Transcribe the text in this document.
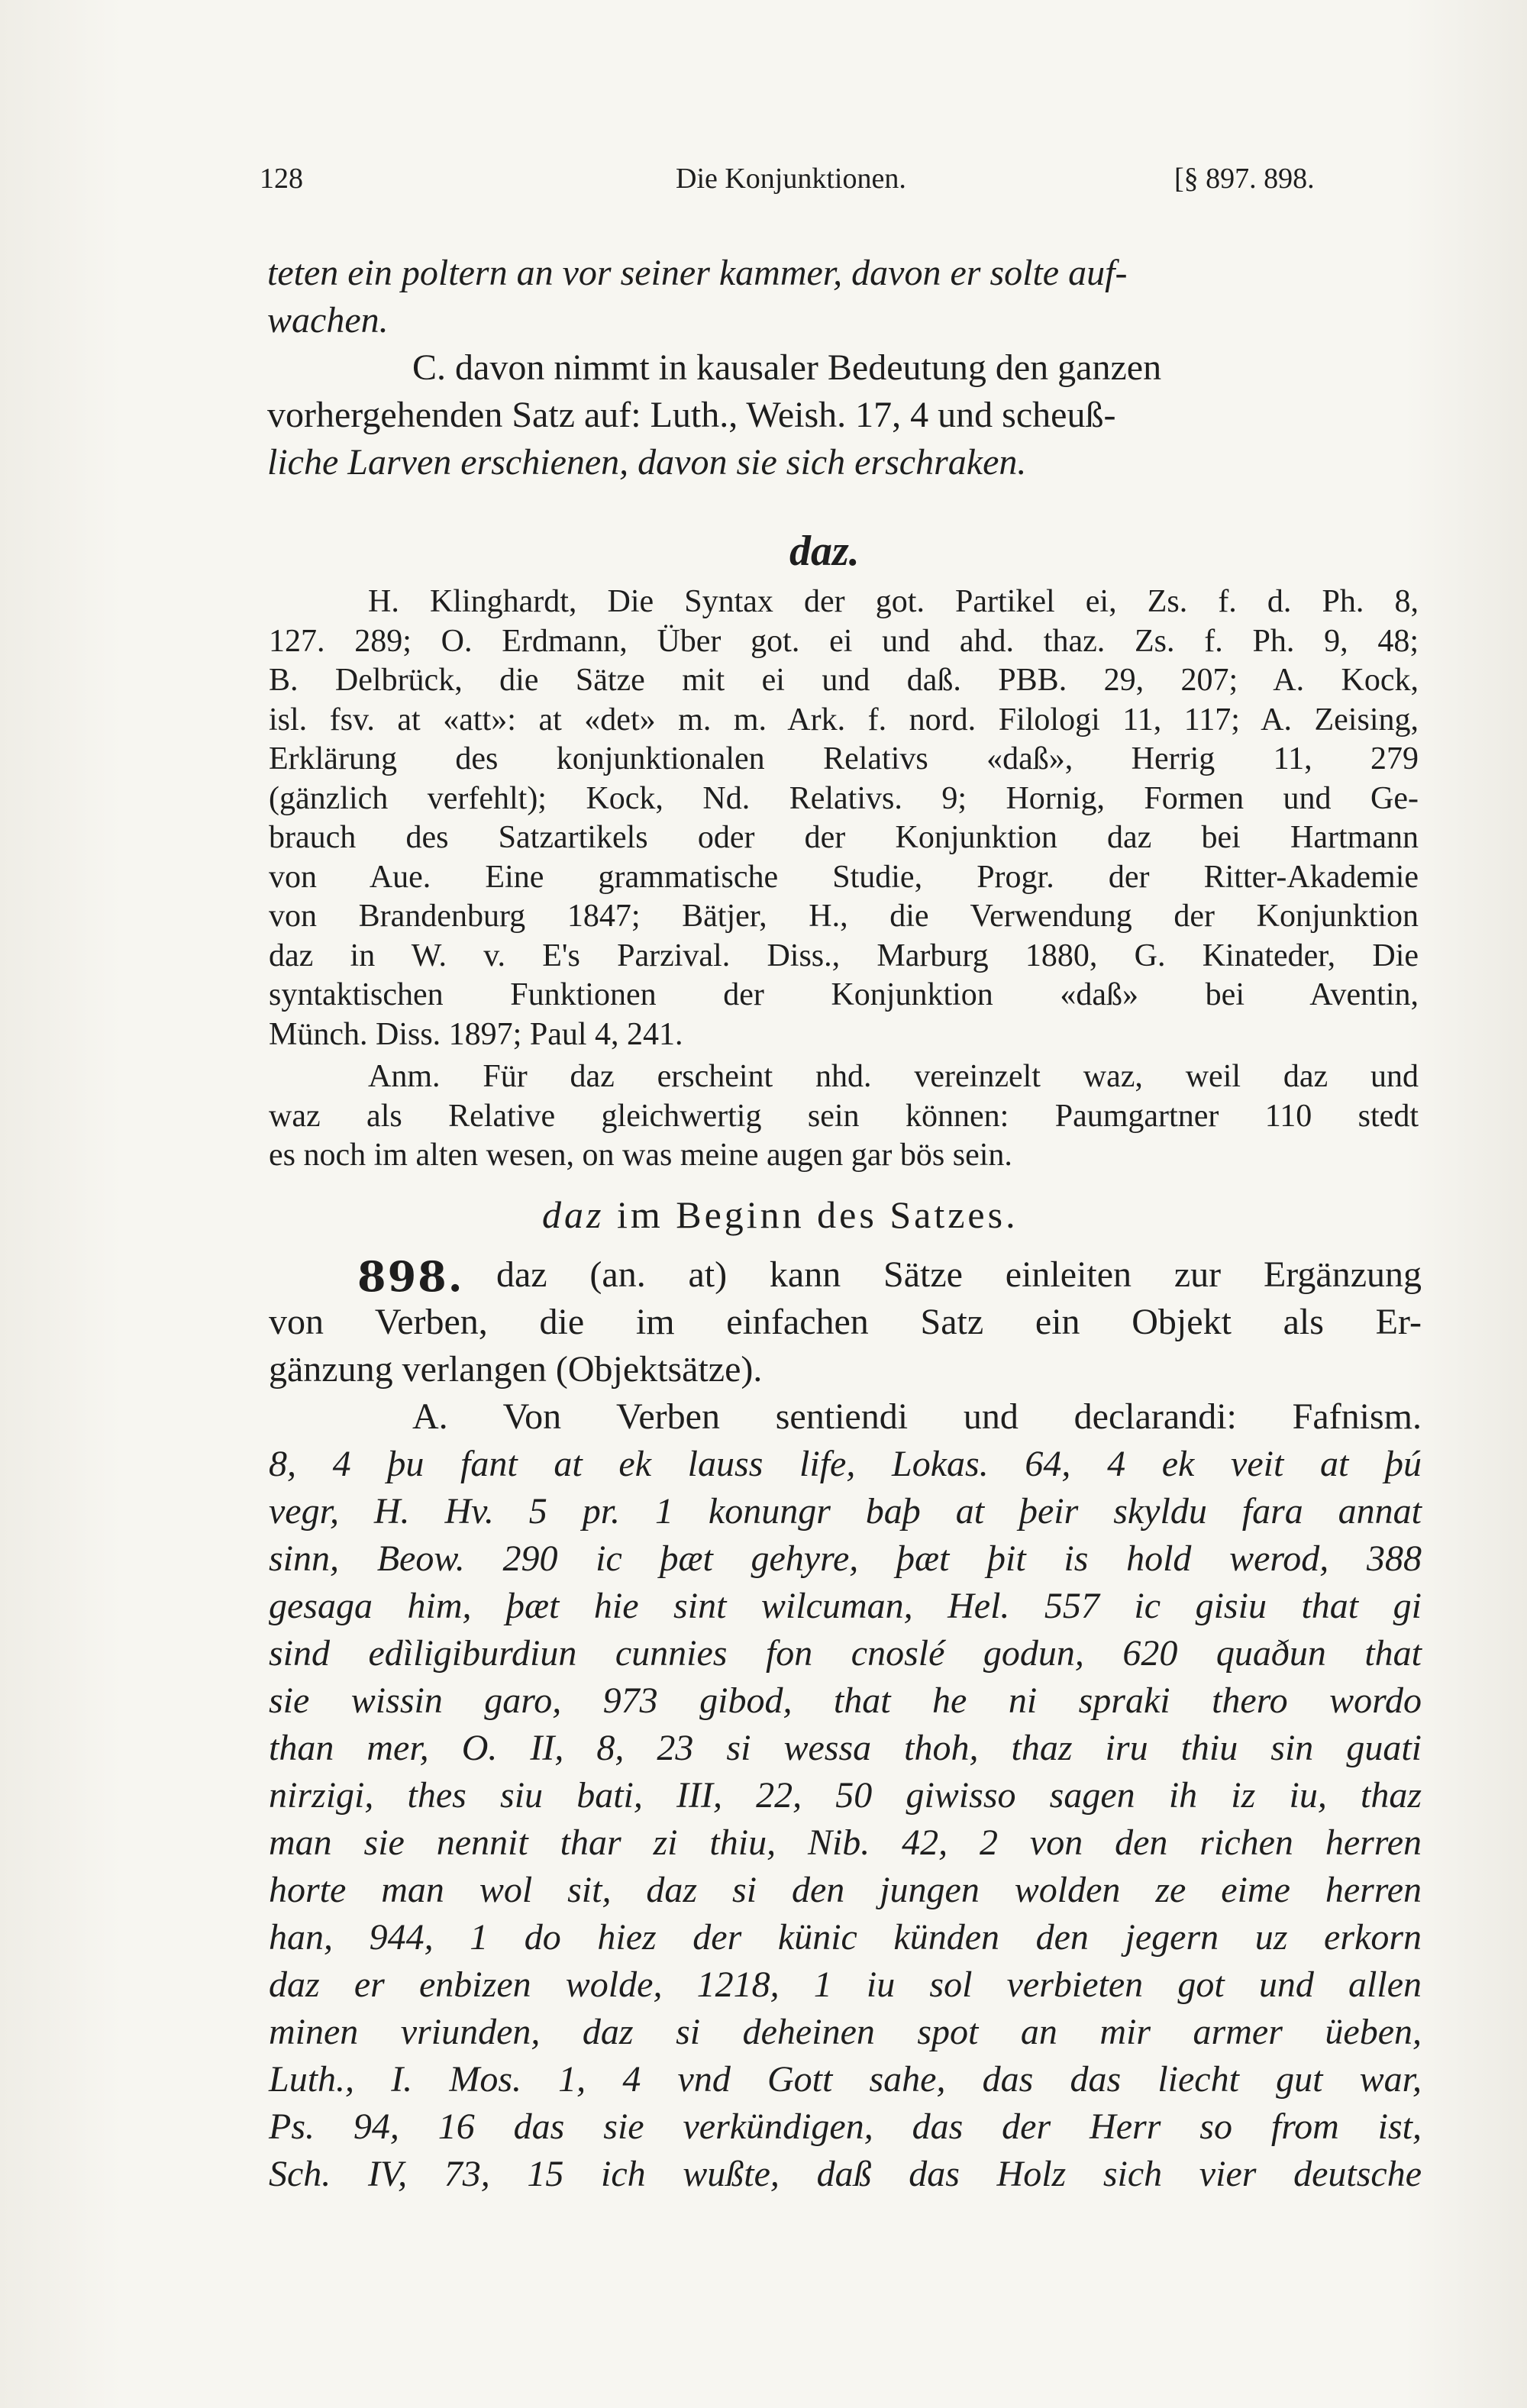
128	Die Konjunktionen.	[§ 897. 898.
teten ein poltern an vor seiner kammer, davon er solte auf-
wachen.
C. davon nimmt in kausaler Bedeutung den ganzen
vorhergehenden Satz auf: Luth., Weish. 17, 4 und scheuß-
liche Larven erschienen, davon sie sich erschraken.
daz.
H. Klinghardt, Die Syntax der got. Partikel ei, Zs. f. d. Ph. 8,
127. 289; O. Erdmann, Über got. ei und ahd. thaz. Zs. f. Ph. 9, 48;
B. Delbrück, die Sätze mit ei und daß. PBB. 29, 207; A. Kock,
isl. fsv. at «att»: at «det» m. m. Ark. f. nord. Filologi 11, 117; A. Zeising,
Erklärung des konjunktionalen Relativs «daß», Herrig 11, 279
(gänzlich verfehlt); Kock, Nd. Relativs. 9; Hornig, Formen und Ge-
brauch des Satzartikels oder der Konjunktion daz bei Hartmann
von Aue. Eine grammatische Studie, Progr. der Ritter-Akademie
von Brandenburg 1847; Bätjer, H., die Verwendung der Konjunktion
daz in W. v. E's Parzival. Diss., Marburg 1880, G. Kinateder, Die
syntaktischen Funktionen der Konjunktion «daß» bei Aventin,
Münch. Diss. 1897; Paul 4, 241.
Anm. Für daz erscheint nhd. vereinzelt waz, weil daz und
waz als Relative gleichwertig sein können: Paumgartner 110 stedt
es noch im alten wesen, on was meine augen gar bös sein.
daz im Beginn des Satzes.
898. daz (an. at) kann Sätze einleiten zur Ergänzung
von Verben, die im einfachen Satz ein Objekt als Er-
gänzung verlangen (Objektsätze).
A. Von Verben sentiendi und declarandi: Fafnism.
8, 4 þu fant at ek lauss life, Lokas. 64, 4 ek veit at þú
vegr, H. Hv. 5 pr. 1 konungr baþ at þeir skyldu fara annat
sinn, Beow. 290 ic þæt gehyre, þæt þit is hold werod, 388
gesaga him, þæt hie sint wilcuman, Hel. 557 ic gisiu that gi
sind edìligiburdiun cunnies fon cnoslé godun, 620 quaðun that
sie wissin garo, 973 gibod, that he ni spraki thero wordo
than mer, O. II, 8, 23 si wessa thoh, thaz iru thiu sin guati
nirzigi, thes siu bati, III, 22, 50 giwisso sagen ih iz iu, thaz
man sie nennit thar zi thiu, Nib. 42, 2 von den richen herren
horte man wol sit, daz si den jungen wolden ze eime herren
han, 944, 1 do hiez der künic künden den jegern uz erkorn
daz er enbizen wolde, 1218, 1 iu sol verbieten got und allen
minen vriunden, daz si deheinen spot an mir armer üeben,
Luth., I. Mos. 1, 4 vnd Gott sahe, das das liecht gut war,
Ps. 94, 16 das sie verkündigen, das der Herr so from ist,
Sch. IV, 73, 15 ich wußte, daß das Holz sich vier deutsche
